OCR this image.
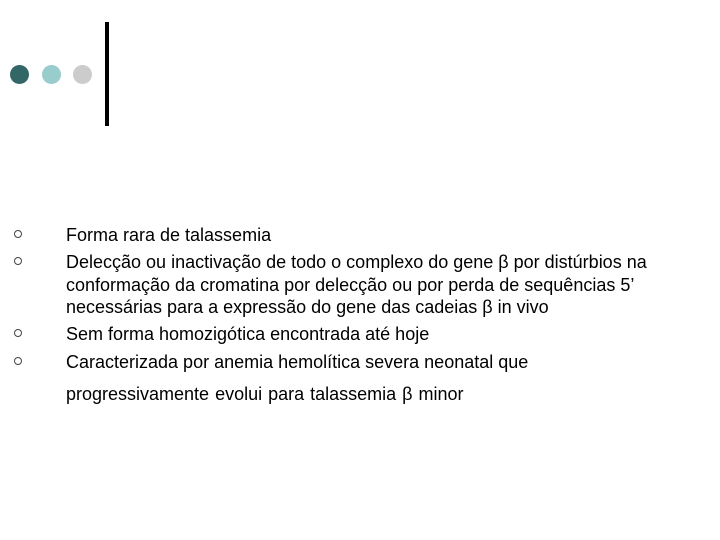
Forma rara de talassemia
Delecção ou inactivação de todo o complexo do gene β por distúrbios na
conformação da cromatina por delecção ou por perda de sequências 5’
necessárias para a expressão do gene das cadeias β in vivo
Sem forma homozigótica encontrada até hoje
Caracterizada por anemia hemolítica severa neonatal que
progressivamente evolui para talassemia β minor
